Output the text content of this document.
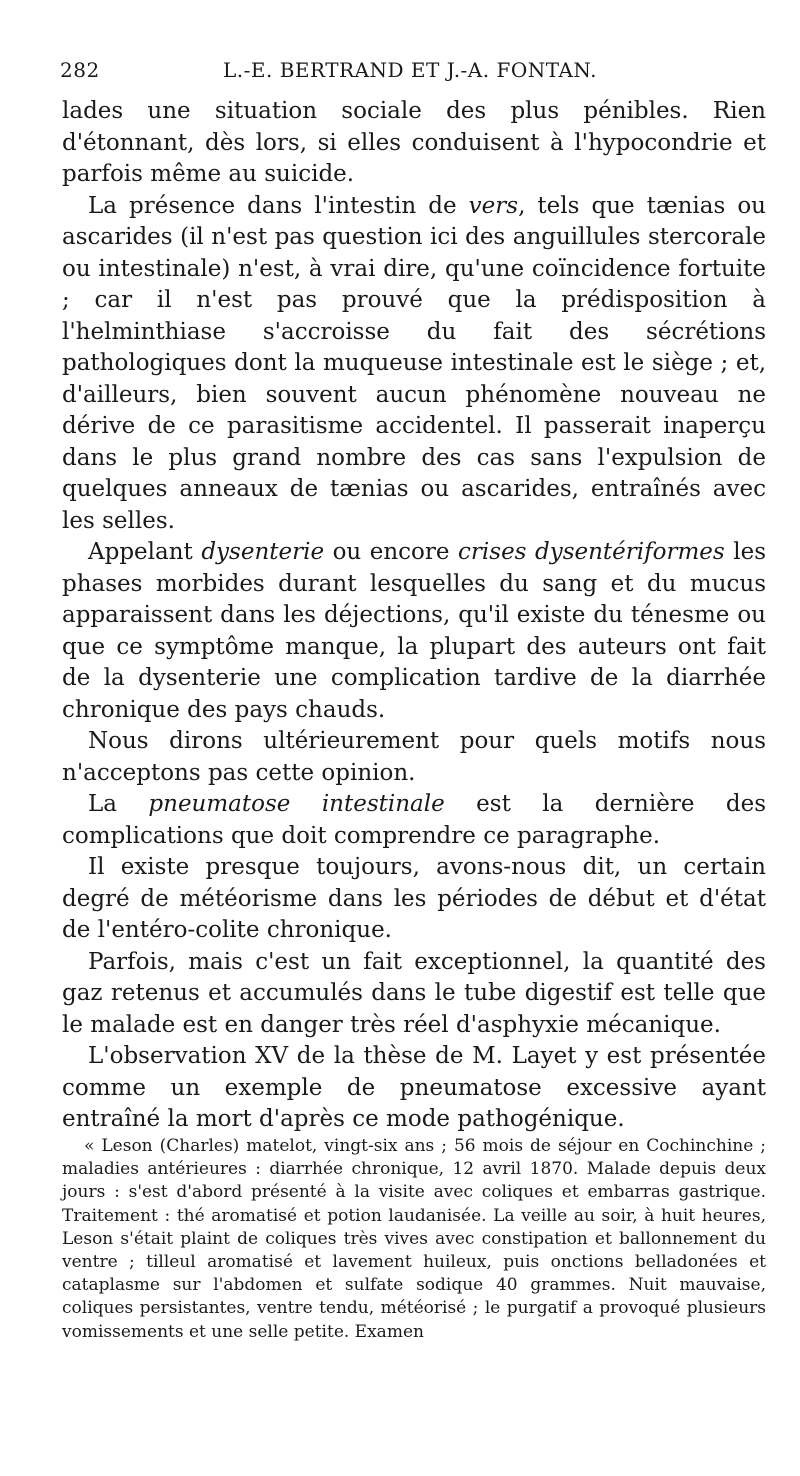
282	L.-E. BERTRAND ET J.-A. FONTAN.

lades une situation sociale des plus pénibles. Rien d'étonnant, dès lors, si elles conduisent à l'hypocondrie et parfois même au suicide.

La présence dans l'intestin de vers, tels que tænias ou ascarides (il n'est pas question ici des anguillules stercorale ou intestinale) n'est, à vrai dire, qu'une coïncidence fortuite ; car il n'est pas prouvé que la prédisposition à l'helminthiase s'accroisse du fait des sécrétions pathologiques dont la muqueuse intestinale est le siège ; et, d'ailleurs, bien souvent aucun phénomène nouveau ne dérive de ce parasitisme accidentel. Il passerait inaperçu dans le plus grand nombre des cas sans l'expulsion de quelques anneaux de tænias ou ascarides, entraînés avec les selles.

Appelant dysenterie ou encore crises dysentériformes les phases morbides durant lesquelles du sang et du mucus apparaissent dans les déjections, qu'il existe du ténesme ou que ce symptôme manque, la plupart des auteurs ont fait de la dysenterie une complication tardive de la diarrhée chronique des pays chauds.

Nous dirons ultérieurement pour quels motifs nous n'acceptons pas cette opinion.

La pneumatose intestinale est la dernière des complications que doit comprendre ce paragraphe.

Il existe presque toujours, avons-nous dit, un certain degré de météorisme dans les périodes de début et d'état de l'entéro-colite chronique.

Parfois, mais c'est un fait exceptionnel, la quantité des gaz retenus et accumulés dans le tube digestif est telle que le malade est en danger très réel d'asphyxie mécanique.

L'observation XV de la thèse de M. Layet y est présentée comme un exemple de pneumatose excessive ayant entraîné la mort d'après ce mode pathogénique.

« Leson (Charles) matelot, vingt-six ans ; 56 mois de séjour en Cochinchine ; maladies antérieures : diarrhée chronique, 12 avril 1870. Malade depuis deux jours : s'est d'abord présenté à la visite avec coliques et embarras gastrique. Traitement : thé aromatisé et potion laudanisée. La veille au soir, à huit heures, Leson s'était plaint de coliques très vives avec constipation et ballonnement du ventre ; tilleul aromatisé et lavement huileux, puis onctions belladonées et cataplasme sur l'abdomen et sulfate sodique 40 grammes. Nuit mauvaise, coliques persistantes, ventre tendu, météorisé ; le purgatif a provoqué plusieurs vomissements et une selle petite. Examen
